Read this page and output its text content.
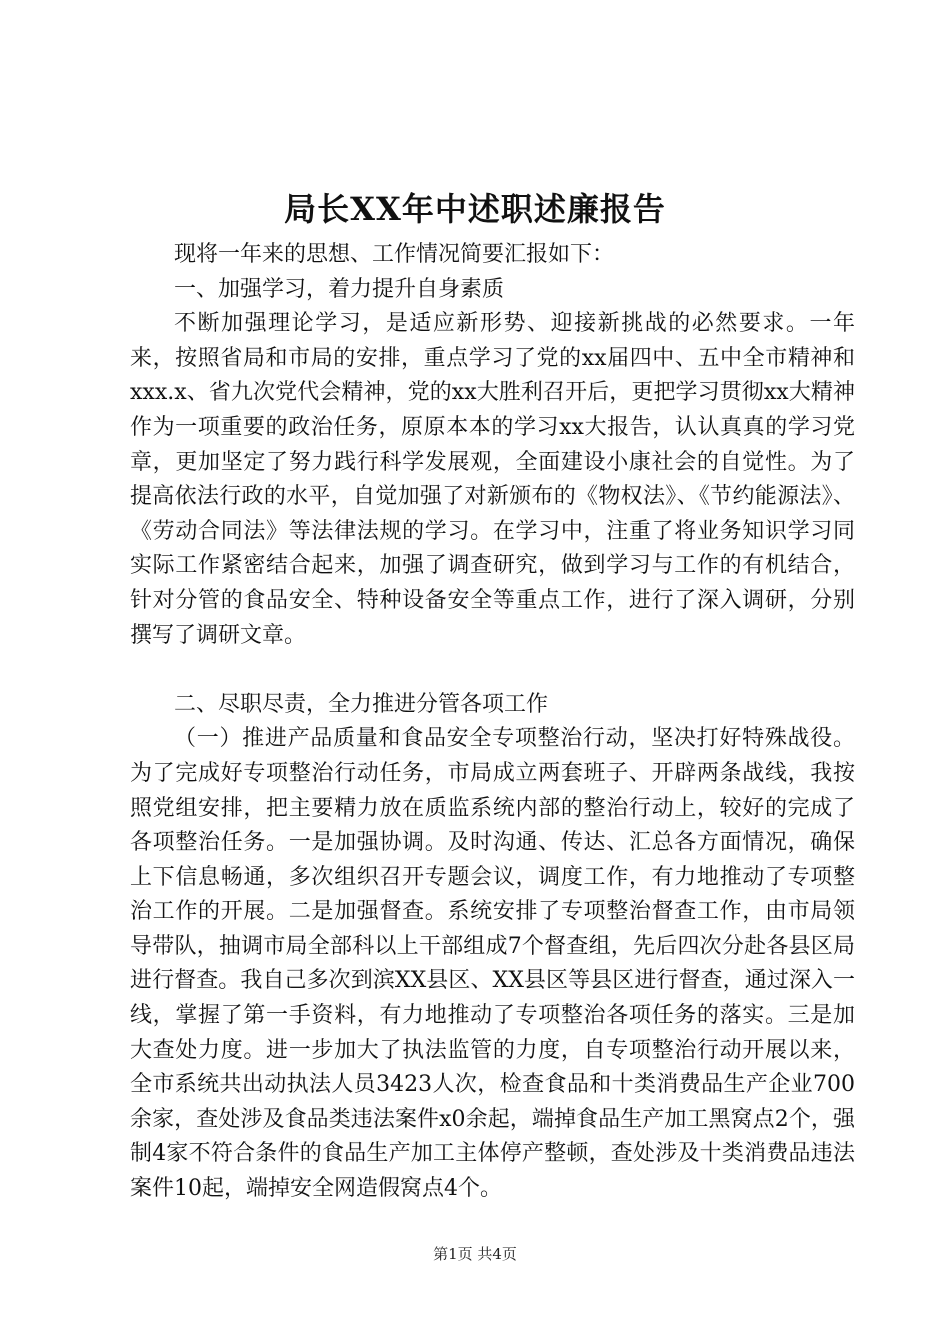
局长XX年中述职述廉报告

现将一年来的思想、工作情况简要汇报如下：

一、加强学习，着力提升自身素质

不断加强理论学习，是适应新形势、迎接新挑战的必然要求。一年来，按照省局和市局的安排，重点学习了党的xx届四中、五中全市精神和xxx.x、省九次党代会精神，党的xx大胜利召开后，更把学习贯彻xx大精神作为一项重要的政治任务，原原本本的学习xx大报告，认认真真的学习党章，更加坚定了努力践行科学发展观，全面建设小康社会的自觉性。为了提高依法行政的水平，自觉加强了对新颁布的《物权法》、《节约能源法》、《劳动合同法》等法律法规的学习。在学习中，注重了将业务知识学习同实际工作紧密结合起来，加强了调查研究，做到学习与工作的有机结合，针对分管的食品安全、特种设备安全等重点工作，进行了深入调研，分别撰写了调研文章。

二、尽职尽责，全力推进分管各项工作

（一）推进产品质量和食品安全专项整治行动，坚决打好特殊战役。为了完成好专项整治行动任务，市局成立两套班子、开辟两条战线，我按照党组安排，把主要精力放在质监系统内部的整治行动上，较好的完成了各项整治任务。一是加强协调。及时沟通、传达、汇总各方面情况，确保上下信息畅通，多次组织召开专题会议，调度工作，有力地推动了专项整治工作的开展。二是加强督查。系统安排了专项整治督查工作，由市局领导带队，抽调市局全部科以上干部组成7个督查组，先后四次分赴各县区局进行督查。我自己多次到滨XX县区、XX县区等县区进行督查，通过深入一线，掌握了第一手资料，有力地推动了专项整治各项任务的落实。三是加大查处力度。进一步加大了执法监管的力度，自专项整治行动开展以来，全市系统共出动执法人员3423人次，检查食品和十类消费品生产企业700余家，查处涉及食品类违法案件x0余起，端掉食品生产加工黑窝点2个，强制4家不符合条件的食品生产加工主体停产整顿，查处涉及十类消费品违法案件10起，端掉安全网造假窝点4个。

第1页 共4页
